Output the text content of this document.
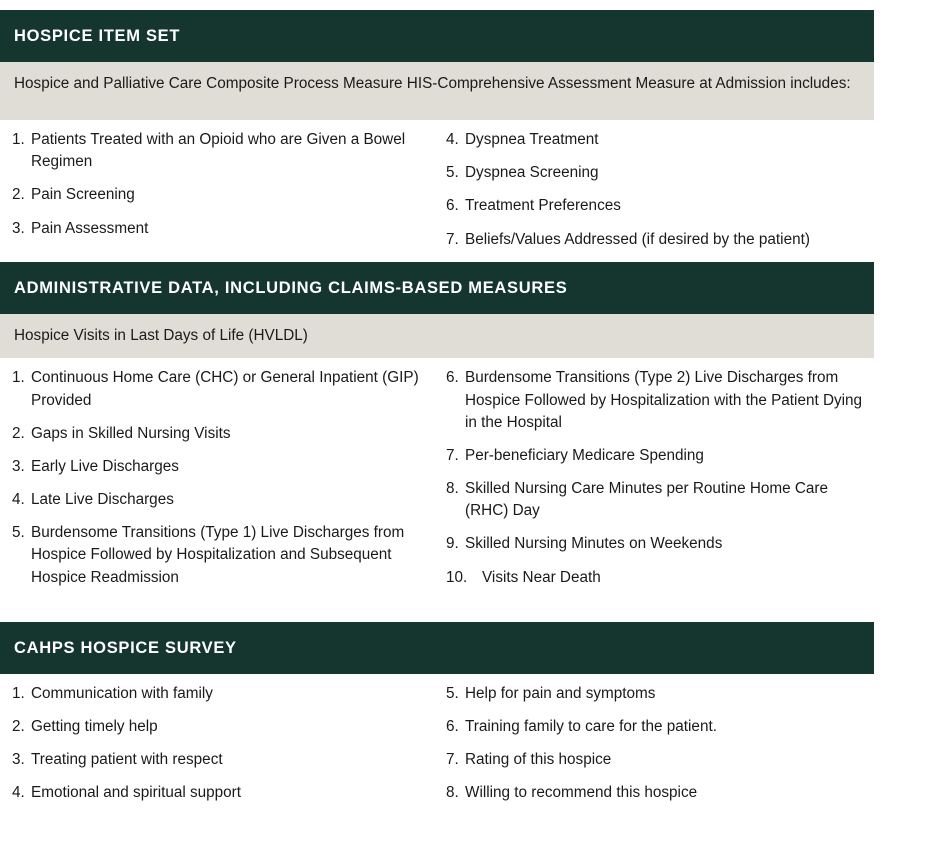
HOSPICE ITEM SET
Hospice and Palliative Care Composite Process Measure HIS-Comprehensive Assessment Measure at Admission includes:
1. Patients Treated with an Opioid who are Given a Bowel Regimen
2. Pain Screening
3. Pain Assessment
4. Dyspnea Treatment
5. Dyspnea Screening
6. Treatment Preferences
7. Beliefs/Values Addressed (if desired by the patient)
ADMINISTRATIVE DATA, INCLUDING CLAIMS-BASED MEASURES
Hospice Visits in Last Days of Life (HVLDL)
1. Continuous Home Care (CHC) or General Inpatient (GIP) Provided
2. Gaps in Skilled Nursing Visits
3. Early Live Discharges
4. Late Live Discharges
5. Burdensome Transitions (Type 1) Live Discharges from Hospice Followed by Hospitalization and Subsequent Hospice Readmission
6. Burdensome Transitions (Type 2) Live Discharges from Hospice Followed by Hospitalization with the Patient Dying in the Hospital
7. Per-beneficiary Medicare Spending
8. Skilled Nursing Care Minutes per Routine Home Care (RHC) Day
9. Skilled Nursing Minutes on Weekends
10. Visits Near Death
CAHPS HOSPICE SURVEY
1. Communication with family
2. Getting timely help
3. Treating patient with respect
4. Emotional and spiritual support
5. Help for pain and symptoms
6. Training family to care for the patient.
7. Rating of this hospice
8. Willing to recommend this hospice
